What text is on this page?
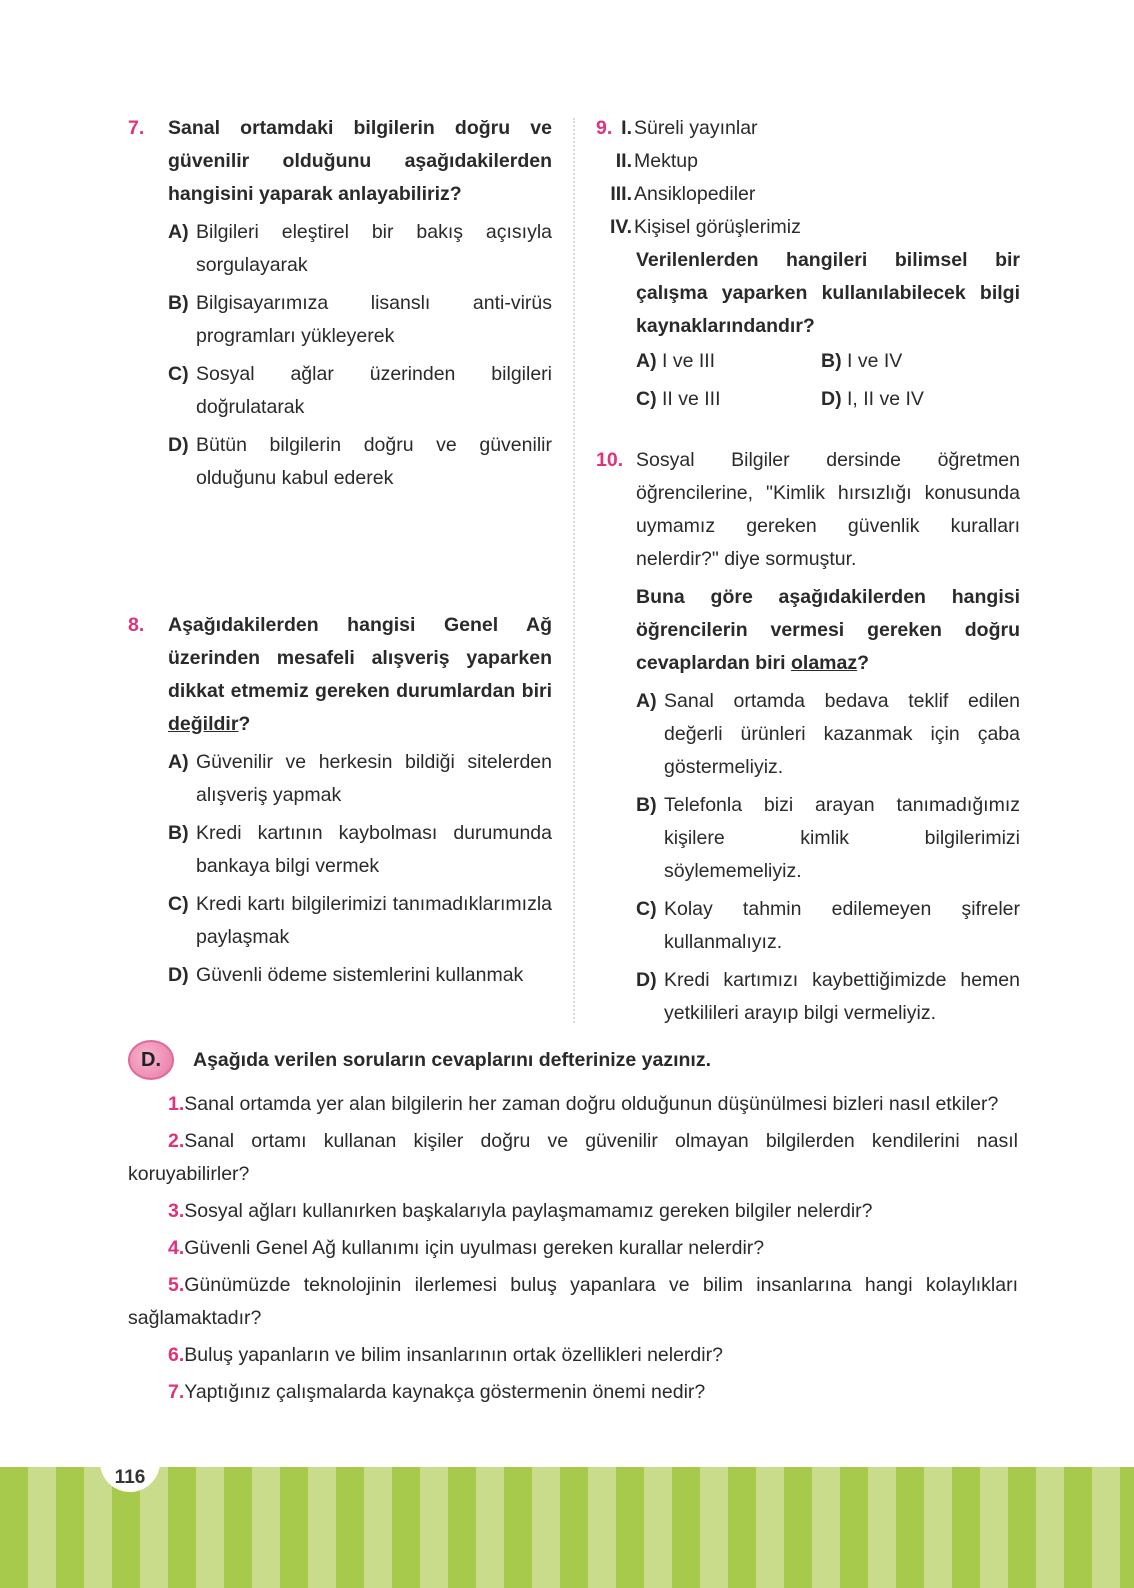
7. Sanal ortamdaki bilgilerin doğru ve güvenilir olduğunu aşağıdakilerden hangisini yaparak anlayabiliriz?
A) Bilgileri eleştirel bir bakış açısıyla sorgulayarak
B) Bilgisayarımıza lisanslı anti-virüs programları yükleyerek
C) Sosyal ağlar üzerinden bilgileri doğrulatarak
D) Bütün bilgilerin doğru ve güvenilir olduğunu kabul ederek
8. Aşağıdakilerden hangisi Genel Ağ üzerinden mesafeli alışveriş yaparken dikkat etmemiz gereken durumlardan biri değildir?
A) Güvenilir ve herkesin bildiği sitelerden alışveriş yapmak
B) Kredi kartının kaybolması durumunda bankaya bilgi vermek
C) Kredi kartı bilgilerimizi tanımadıklarımızla paylaşmak
D) Güvenli ödeme sistemlerini kullanmak
9. I. Süreli yayınlar
II. Mektup
III. Ansiklopediler
IV. Kişisel görüşlerimiz
Verilenlerden hangileri bilimsel bir çalışma yaparken kullanılabilecek bilgi kaynaklarındandır?
A) I ve III	B) I ve IV
C) II ve III	D) I, II ve IV
10. Sosyal Bilgiler dersinde öğretmen öğrencilerine, "Kimlik hırsızlığı konusunda uymamız gereken güvenlik kuralları nelerdir?" diye sormuştur.
Buna göre aşağıdakilerden hangisi öğrencilerin vermesi gereken doğru cevaplardan biri olamaz?
A) Sanal ortamda bedava teklif edilen değerli ürünleri kazanmak için çaba göstermeliyiz.
B) Telefonla bizi arayan tanımadığımız kişilere kimlik bilgilerimizi söylememeliyiz.
C) Kolay tahmin edilemeyen şifreler kullanmalıyız.
D) Kredi kartımızı kaybettiğimizde hemen yetkilileri arayıp bilgi vermeliyiz.
D.	Aşağıda verilen soruların cevaplarını defterinize yazınız.
1.Sanal ortamda yer alan bilgilerin her zaman doğru olduğunun düşünülmesi bizleri nasıl etkiler?
2.Sanal ortamı kullanan kişiler doğru ve güvenilir olmayan bilgilerden kendilerini nasıl koruyabilirler?
3.Sosyal ağları kullanırken başkalarıyla paylaşmamamız gereken bilgiler nelerdir?
4.Güvenli Genel Ağ kullanımı için uyulması gereken kurallar nelerdir?
5.Günümüzde teknolojinin ilerlemesi buluş yapanlara ve bilim insanlarına hangi kolaylıkları sağlamaktadır?
6.Buluş yapanların ve bilim insanlarının ortak özellikleri nelerdir?
7.Yaptığınız çalışmalarda kaynakça göstermenin önemi nedir?
116
